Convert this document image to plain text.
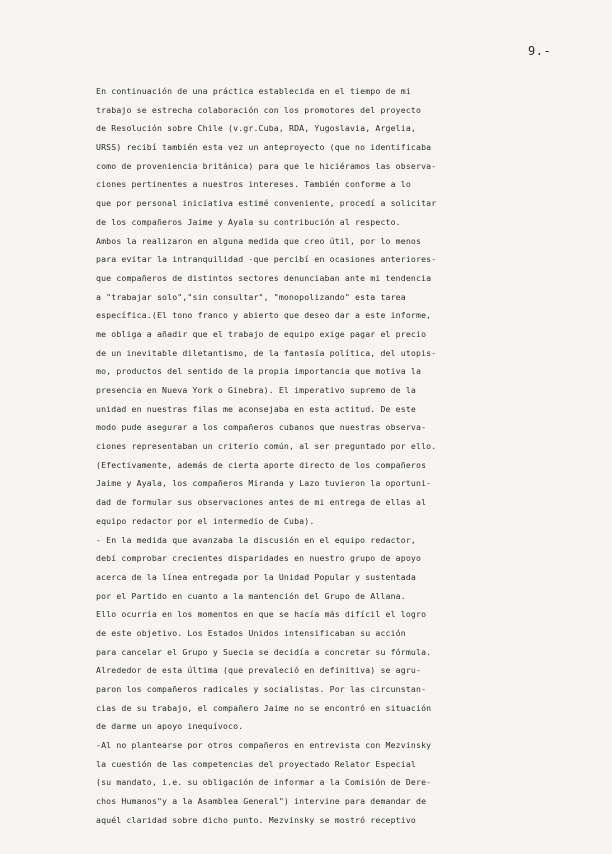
9.-
En continuación de una práctica establecida en el tiempo de mi
trabajo se estrecha colaboración con los promotores del proyecto
de Resolución sobre Chile (v.gr.Cuba, RDA, Yugoslavia, Argelia,
URSS) recibí también esta vez un anteproyecto (que no identificaba
como de proveniencia británica) para que le hiciéramos las observa-
ciones pertinentes a nuestros intereses. También conforme a lo
que por personal iniciativa estimé conveniente, procedí a solicitar
de los compañeros Jaime y Ayala su contribución al respecto.
Ambos la realizaron en alguna medida que creo útil, por lo menos
para evitar la intranquilidad -que percibí en ocasiones anteriores-
que compañeros de distintos sectores denunciaban ante mi tendencia
a "trabajar solo","sin consultar", "monopolizando" esta tarea
específica.(El tono franco y abierto que deseo dar a este informe,
me obliga a añadir que el trabajo de equipo exige pagar el precio
de un inevitable diletantismo, de la fantasía política, del utopis-
mo, productos del sentido de la propia importancia que motiva la
presencia en Nueva York o Ginebra). El imperativo supremo de la
unidad en nuestras filas me aconsejaba en esta actitud. De este
modo pude asegurar a los compañeros cubanos que nuestras observa-
ciones representaban un criterio común, al ser preguntado por ello.
(Efectivamente, además de cierta aporte directo de los compañeros
Jaime y Ayala, los compañeros Miranda y Lazo tuvieron la oportuni-
dad de formular sus observaciones antes de mi entrega de ellas al
equipo redactor por el intermedio de Cuba).
- En la medida que avanzaba la discusión en el equipo redactor,
debí comprobar crecientes disparidades en nuestro grupo de apoyo
acerca de la línea entregada por la Unidad Popular y sustentada
por el Partido en cuanto a la mantención del Grupo de Allana.
Ello ocurría en los momentos en que se hacía más difícil el logro
de este objetivo. Los Estados Unidos intensificaban su acción
para cancelar el Grupo y Suecia se decidía a concretar su fórmula.
Alrededor de esta última (que prevaleció en definitiva) se agru-
paron los compañeros radicales y socialistas. Por las circunstan-
cias de su trabajo, el compañero Jaime no se encontró en situación
de darme un apoyo inequívoco.
-Al no plantearse por otros compañeros en entrevista con Mezvinsky
la cuestión de las competencias del proyectado Relator Especial
(su mandato, i.e. su obligación de informar a la Comisión de Dere-
chos Humanos"y a la Asamblea General") intervine para demandar de
aquél claridad sobre dicho punto. Mezvinsky se mostró receptivo
